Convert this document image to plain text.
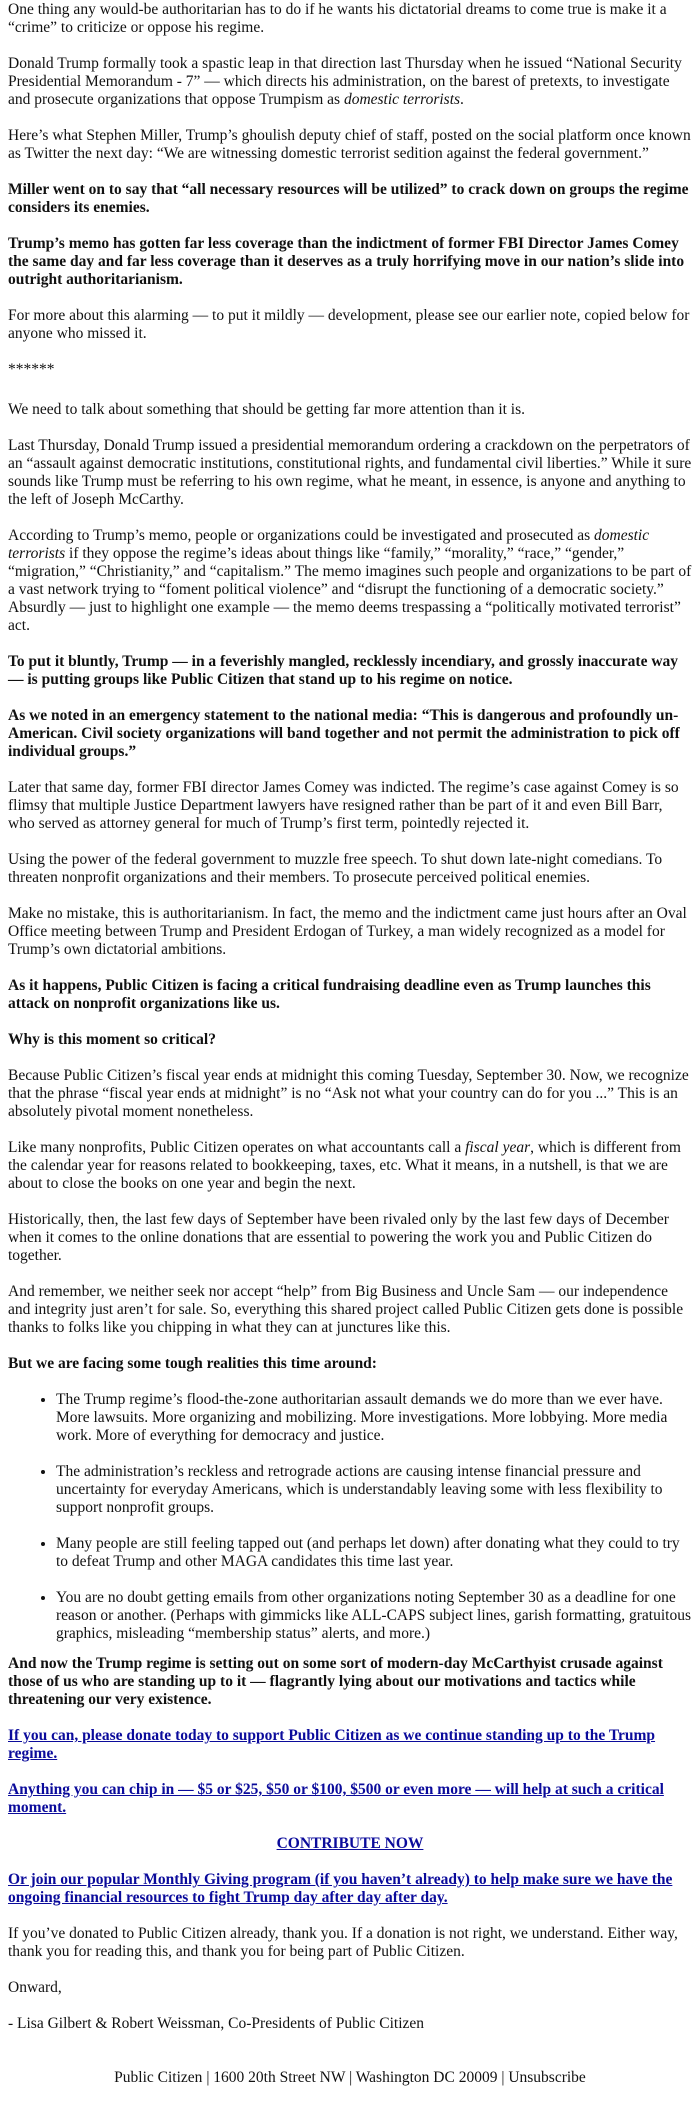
One thing any would-be authoritarian has to do if he wants his dictatorial dreams to come true is make it a “crime” to criticize or oppose his regime.

Donald Trump formally took a spastic leap in that direction last Thursday when he issued “National Security Presidential Memorandum - 7” — which directs his administration, on the barest of pretexts, to investigate and prosecute organizations that oppose Trumpism as domestic terrorists.

Here’s what Stephen Miller, Trump’s ghoulish deputy chief of staff, posted on the social platform once known as Twitter the next day: “We are witnessing domestic terrorist sedition against the federal government.”

Miller went on to say that “all necessary resources will be utilized” to crack down on groups the regime considers its enemies.

Trump’s memo has gotten far less coverage than the indictment of former FBI Director James Comey the same day and far less coverage than it deserves as a truly horrifying move in our nation’s slide into outright authoritarianism.

For more about this alarming — to put it mildly — development, please see our earlier note, copied below for anyone who missed it.

******

We need to talk about something that should be getting far more attention than it is.

Last Thursday, Donald Trump issued a presidential memorandum ordering a crackdown on the perpetrators of an “assault against democratic institutions, constitutional rights, and fundamental civil liberties.” While it sure sounds like Trump must be referring to his own regime, what he meant, in essence, is anyone and anything to the left of Joseph McCarthy.

According to Trump’s memo, people or organizations could be investigated and prosecuted as domestic terrorists if they oppose the regime’s ideas about things like “family,” “morality,” “race,” “gender,” “migration,” “Christianity,” and “capitalism.” The memo imagines such people and organizations to be part of a vast network trying to “foment political violence” and “disrupt the functioning of a democratic society.” Absurdly — just to highlight one example — the memo deems trespassing a “politically motivated terrorist” act.

To put it bluntly, Trump — in a feverishly mangled, recklessly incendiary, and grossly inaccurate way — is putting groups like Public Citizen that stand up to his regime on notice.

As we noted in an emergency statement to the national media: “This is dangerous and profoundly un-American. Civil society organizations will band together and not permit the administration to pick off individual groups.”

Later that same day, former FBI director James Comey was indicted. The regime’s case against Comey is so flimsy that multiple Justice Department lawyers have resigned rather than be part of it and even Bill Barr, who served as attorney general for much of Trump’s first term, pointedly rejected it.

Using the power of the federal government to muzzle free speech. To shut down late-night comedians. To threaten nonprofit organizations and their members. To prosecute perceived political enemies.

Make no mistake, this is authoritarianism. In fact, the memo and the indictment came just hours after an Oval Office meeting between Trump and President Erdogan of Turkey, a man widely recognized as a model for Trump’s own dictatorial ambitions.

As it happens, Public Citizen is facing a critical fundraising deadline even as Trump launches this attack on nonprofit organizations like us.

Why is this moment so critical?

Because Public Citizen’s fiscal year ends at midnight this coming Tuesday, September 30. Now, we recognize that the phrase “fiscal year ends at midnight” is no “Ask not what your country can do for you ...” This is an absolutely pivotal moment nonetheless.

Like many nonprofits, Public Citizen operates on what accountants call a fiscal year, which is different from the calendar year for reasons related to bookkeeping, taxes, etc. What it means, in a nutshell, is that we are about to close the books on one year and begin the next.

Historically, then, the last few days of September have been rivaled only by the last few days of December when it comes to the online donations that are essential to powering the work you and Public Citizen do together.

And remember, we neither seek nor accept “help” from Big Business and Uncle Sam — our independence and integrity just aren’t for sale. So, everything this shared project called Public Citizen gets done is possible thanks to folks like you chipping in what they can at junctures like this.

But we are facing some tough realities this time around:

• The Trump regime’s flood-the-zone authoritarian assault demands we do more than we ever have. More lawsuits. More organizing and mobilizing. More investigations. More lobbying. More media work. More of everything for democracy and justice.
• The administration’s reckless and retrograde actions are causing intense financial pressure and uncertainty for everyday Americans, which is understandably leaving some with less flexibility to support nonprofit groups.
• Many people are still feeling tapped out (and perhaps let down) after donating what they could to try to defeat Trump and other MAGA candidates this time last year.
• You are no doubt getting emails from other organizations noting September 30 as a deadline for one reason or another. (Perhaps with gimmicks like ALL-CAPS subject lines, garish formatting, gratuitous graphics, misleading “membership status” alerts, and more.)

And now the Trump regime is setting out on some sort of modern-day McCarthyist crusade against those of us who are standing up to it — flagrantly lying about our motivations and tactics while threatening our very existence.

If you can, please donate today to support Public Citizen as we continue standing up to the Trump regime.

Anything you can chip in — $5 or $25, $50 or $100, $500 or even more — will help at such a critical moment.

CONTRIBUTE NOW

Or join our popular Monthly Giving program (if you haven’t already) to help make sure we have the ongoing financial resources to fight Trump day after day after day.

If you’ve donated to Public Citizen already, thank you. If a donation is not right, we understand. Either way, thank you for reading this, and thank you for being part of Public Citizen.

Onward,

- Lisa Gilbert & Robert Weissman, Co-Presidents of Public Citizen

Public Citizen | 1600 20th Street NW | Washington DC 20009 | Unsubscribe
